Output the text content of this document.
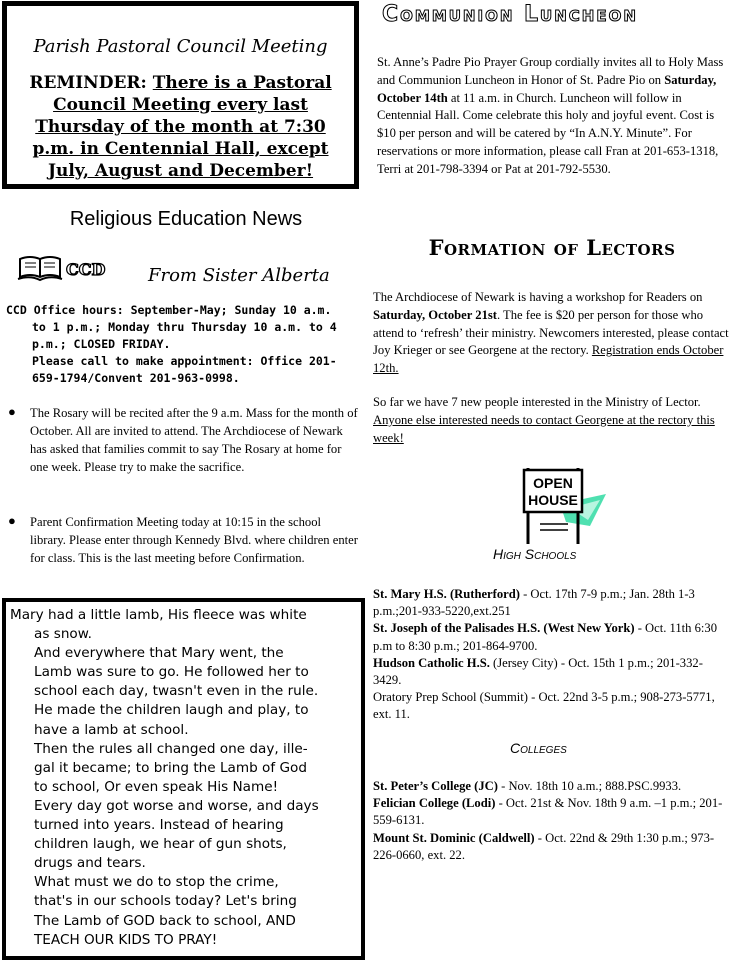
Parish Pastoral Council Meeting
REMINDER: There is a Pastoral Council Meeting every last Thursday of the month at 7:30 p.m. in Centennial Hall, except July, August and December!
Religious Education News
CCD From Sister Alberta
CCD Office hours: September-May; Sunday 10 a.m.
to 1 p.m.; Monday thru Thursday 10 a.m. to 4
p.m.; CLOSED FRIDAY.
Please call to make appointment: Office 201-
659-1794/Convent 201-963-0998.
● The Rosary will be recited after the 9 a.m. Mass for the month of October. All are invited to attend. The Archdiocese of Newark has asked that families commit to say The Rosary at home for one week. Please try to make the sacrifice.
● Parent Confirmation Meeting today at 10:15 in the school library. Please enter through Kennedy Blvd. where children enter for class. This is the last meeting before Confirmation.
Mary had a little lamb, His fleece was white
as snow.
And everywhere that Mary went, the
Lamb was sure to go. He followed her to
school each day, twasn't even in the rule.
He made the children laugh and play, to
have a lamb at school.
Then the rules all changed one day, ille-
gal it became; to bring the Lamb of God
to school, Or even speak His Name!
Every day got worse and worse, and days
turned into years. Instead of hearing
children laugh, we hear of gun shots,
drugs and tears.
What must we do to stop the crime,
that's in our schools today? Let's bring
The Lamb of GOD back to school, AND
TEACH OUR KIDS TO PRAY!
Communion Luncheon
St. Anne’s Padre Pio Prayer Group cordially invites all to Holy Mass and Communion Luncheon in Honor of St. Padre Pio on Saturday, October 14th at 11 a.m. in Church. Luncheon will follow in Centennial Hall. Come celebrate this holy and joyful event. Cost is $10 per person and will be catered by “In A.N.Y. Minute”. For reservations or more information, please call Fran at 201-653-1318, Terri at 201-798-3394 or Pat at 201-792-5530.
Formation of Lectors
The Archdiocese of Newark is having a workshop for Readers on Saturday, October 21st. The fee is $20 per person for those who attend to ‘refresh’ their ministry. Newcomers interested, please contact Joy Krieger or see Georgene at the rectory. Registration ends October 12th.
So far we have 7 new people interested in the Ministry of Lector. Anyone else interested needs to contact Georgene at the rectory this week!
OPEN
HOUSE
High Schools
St. Mary H.S. (Rutherford) - Oct. 17th 7-9 p.m.; Jan. 28th 1-3 p.m.;201-933-5220,ext.251
St. Joseph of the Palisades H.S. (West New York) - Oct. 11th 6:30 p.m to 8:30 p.m.; 201-864-9700.
Hudson Catholic H.S. (Jersey City) - Oct. 15th 1 p.m.; 201-332-3429.
Oratory Prep School (Summit) - Oct. 22nd 3-5 p.m.; 908-273-5771, ext. 11.
Colleges
St. Peter’s College (JC) - Nov. 18th 10 a.m.; 888.PSC.9933.
Felician College (Lodi) - Oct. 21st & Nov. 18th 9 a.m. –1 p.m.; 201-559-6131.
Mount St. Dominic (Caldwell) - Oct. 22nd & 29th 1:30 p.m.; 973-226-0660, ext. 22.
